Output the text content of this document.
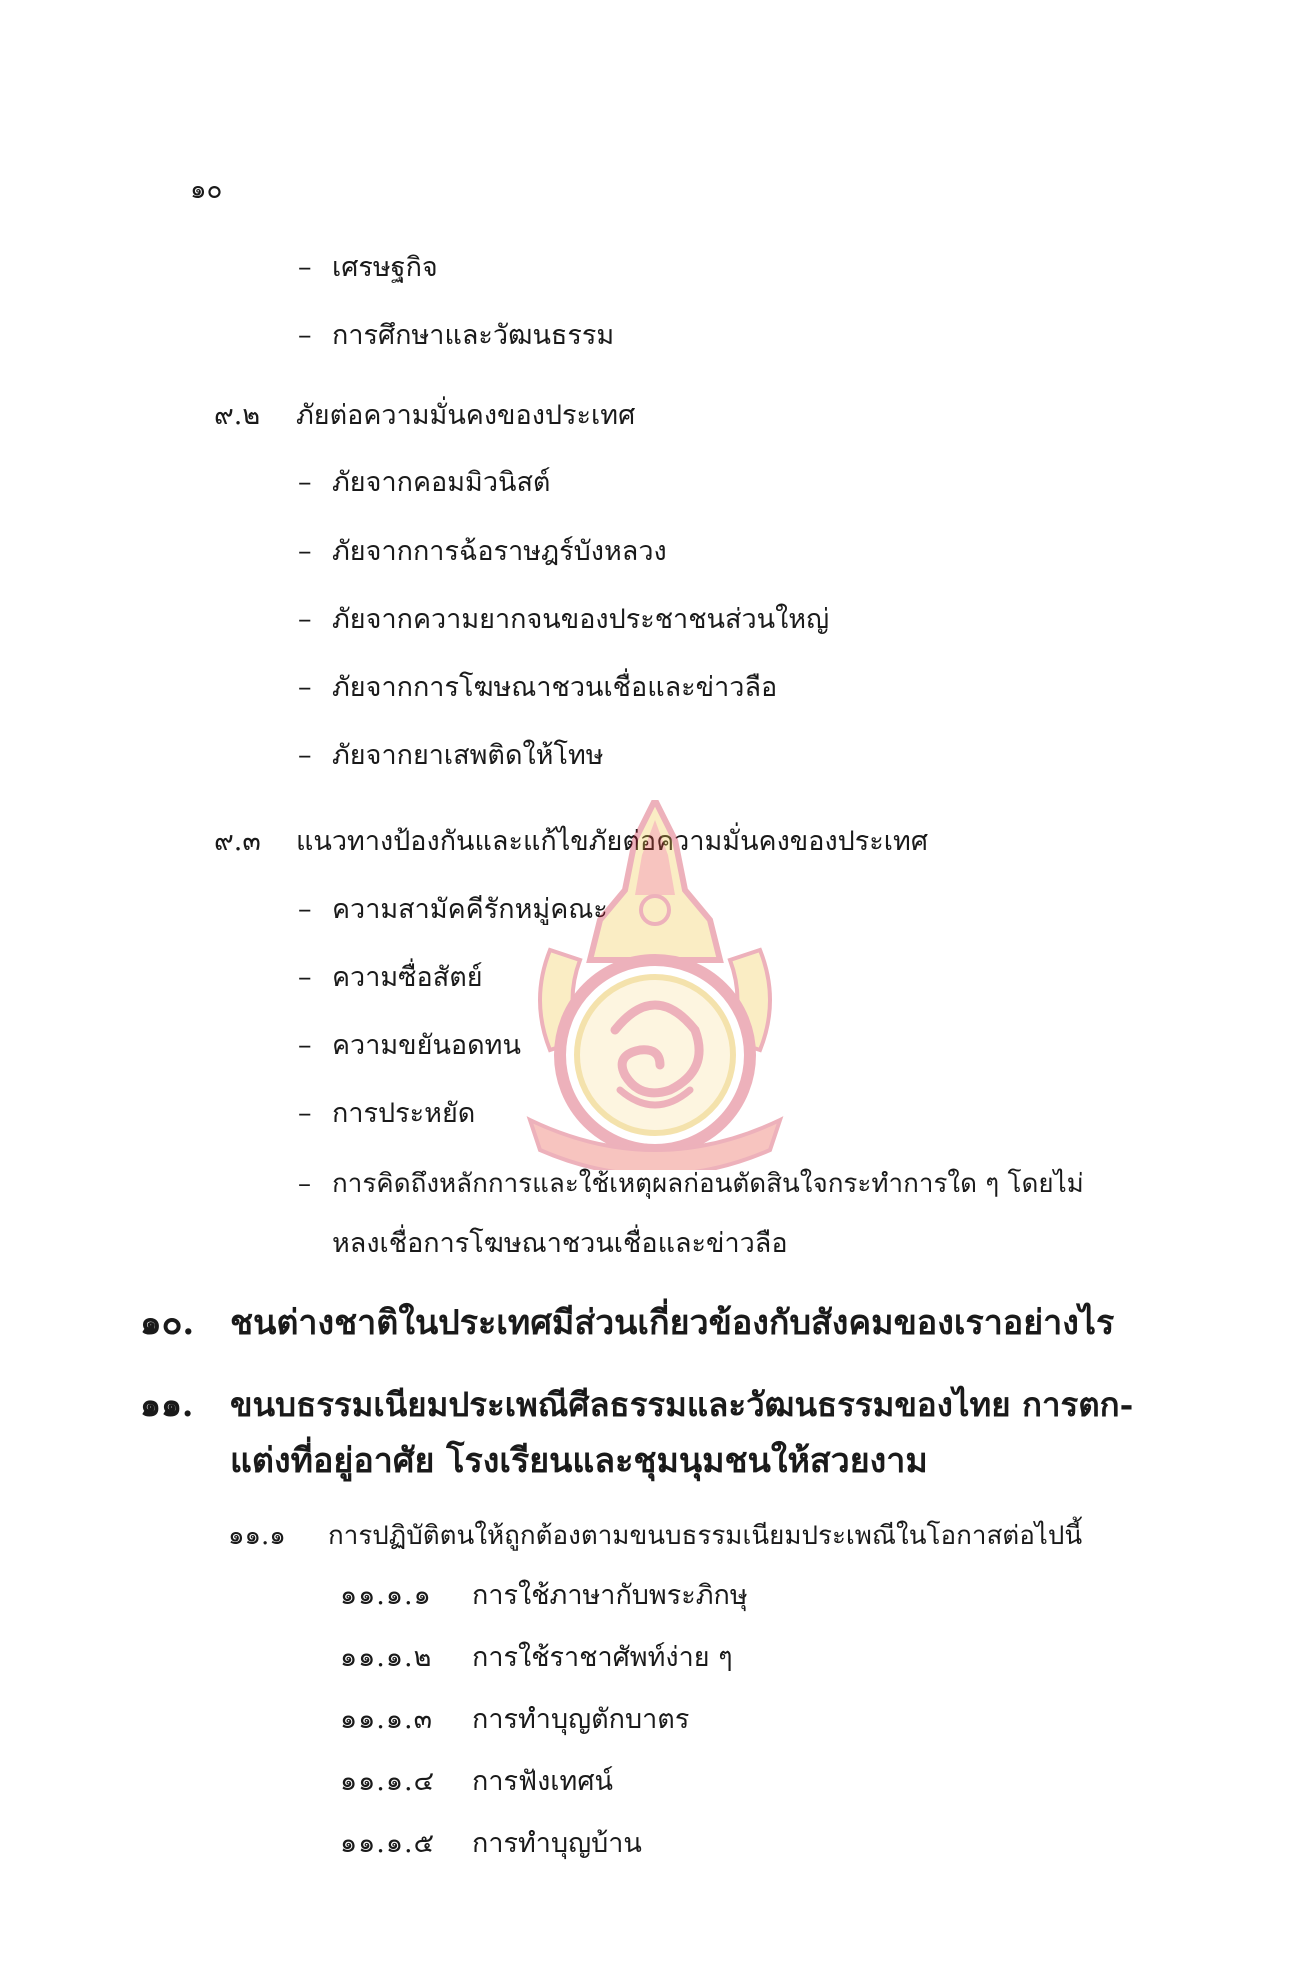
๑๐
– เศรษฐกิจ
– การศึกษาและวัฒนธรรม
๙.๒ ภัยต่อความมั่นคงของประเทศ
– ภัยจากคอมมิวนิสต์
– ภัยจากการฉ้อราษฎร์บังหลวง
– ภัยจากความยากจนของประชาชนส่วนใหญ่
– ภัยจากการโฆษณาชวนเชื่อและข่าวลือ
– ภัยจากยาเสพติดให้โทษ
๙.๓ แนวทางป้องกันและแก้ไขภัยต่อความมั่นคงของประเทศ
– ความสามัคคีรักหมู่คณะ
– ความซื่อสัตย์
– ความขยันอดทน
– การประหยัด
– การคิดถึงหลักการและใช้เหตุผลก่อนตัดสินใจกระทำการใด ๆ โดยไม่
หลงเชื่อการโฆษณาชวนเชื่อและข่าวลือ
๑๐. ชนต่างชาติในประเทศมีส่วนเกี่ยวข้องกับสังคมของเราอย่างไร
๑๑. ขนบธรรมเนียมประเพณีศีลธรรมและวัฒนธรรมของไทย การตก-
แต่งที่อยู่อาศัย โรงเรียนและชุมนุมชนให้สวยงาม
๑๑.๑ การปฏิบัติตนให้ถูกต้องตามขนบธรรมเนียมประเพณีในโอกาสต่อไปนี้
๑๑.๑.๑ การใช้ภาษากับพระภิกษุ
๑๑.๑.๒ การใช้ราชาศัพท์ง่าย ๆ
๑๑.๑.๓ การทำบุญตักบาตร
๑๑.๑.๔ การฟังเทศน์
๑๑.๑.๕ การทำบุญบ้าน
